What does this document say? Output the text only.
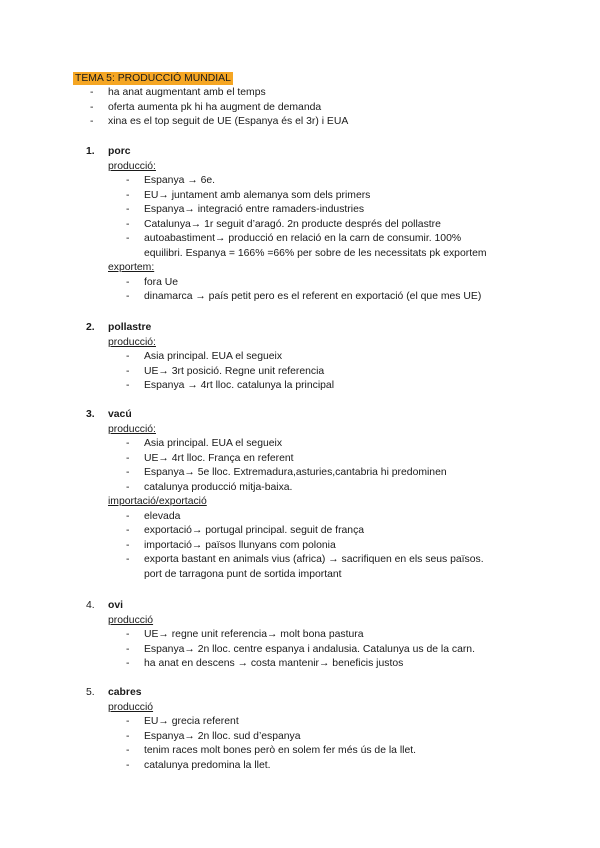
TEMA 5: PRODUCCIÓ MUNDIAL
- ha anat augmentant amb el temps
- oferta aumenta pk hi ha augment de demanda
- xina es el top seguit de UE (Espanya és el 3r) i EUA
1. porc
producció:
- Espanya → 6e.
- EU→ juntament amb alemanya som dels primers
- Espanya→ integració entre ramaders-industries
- Catalunya→ 1r seguit d’aragó. 2n producte després del pollastre
- autoabastiment→ producció en relació en la carn de consumir. 100%
equilibri. Espanya = 166% =66% per sobre de les necessitats pk exportem
exportem:
- fora Ue
- dinamarca → país petit pero es el referent en exportació (el que mes UE)
2. pollastre
producció:
- Asia principal. EUA el segueix
- UE→ 3rt posició. Regne unit referencia
- Espanya → 4rt lloc. catalunya la principal
3. vacú
producció:
- Asia principal. EUA el segueix
- UE→ 4rt lloc. França en referent
- Espanya→ 5e lloc. Extremadura,asturies,cantabria hi predominen
- catalunya producció mitja-baixa.
importació/exportació
- elevada
- exportació→ portugal principal. seguit de frança
- importació→ països llunyans com polonia
- exporta bastant en animals vius (africa) → sacrifiquen en els seus països.
port de tarragona punt de sortida important
4. ovi
producció
- UE→ regne unit referencia→ molt bona pastura
- Espanya→ 2n lloc. centre espanya i andalusia. Catalunya us de la carn.
- ha anat en descens → costa mantenir→ beneficis justos
5. cabres
producció
- EU→ grecia referent
- Espanya→ 2n lloc. sud d’espanya
- tenim races molt bones però en solem fer més ús de la llet.
- catalunya predomina la llet.
